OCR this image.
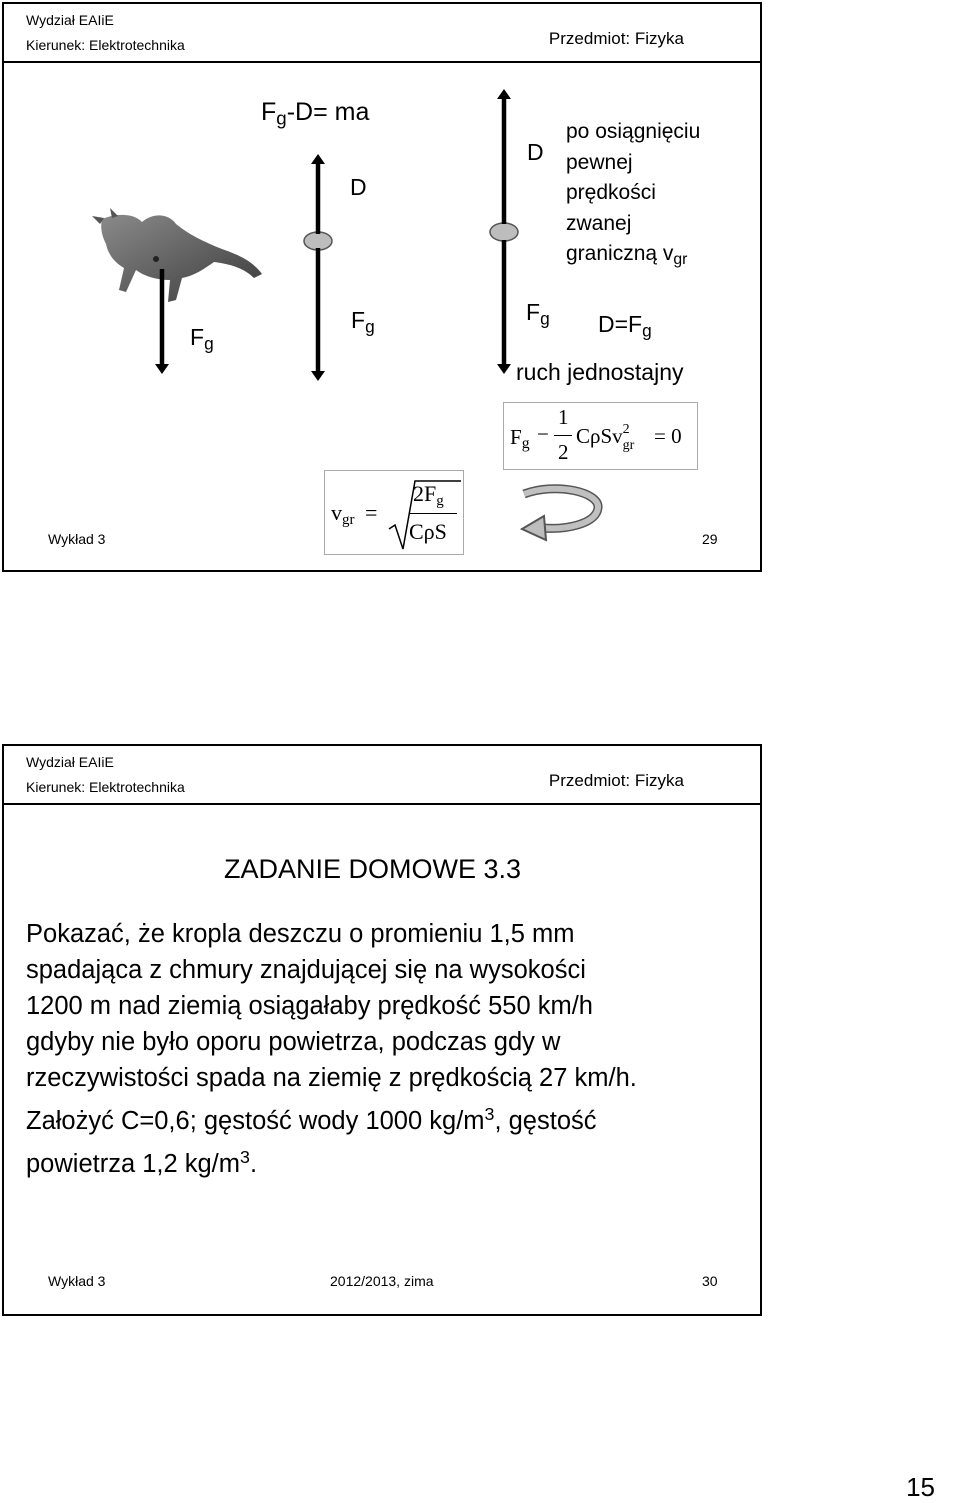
Wydział EAIiE
Kierunek: Elektrotechnika	Przedmiot: Fizyka
$F_g-D=$ ma
D
D
$F_g$
$F_g$
$F_g$
po osiągnięciu
pewnej
prędkości
zwanej
graniczną $v_{gr}$
$D=F_g$
ruch jednostajny
$F_g$ −
1
2
CρSv$^2_{gr}$ = 0
$v_{gr}$ =
$2F_g$
CρS
Wykład 3	29
Wydział EAIiE
Kierunek: Elektrotechnika	Przedmiot: Fizyka
ZADANIE DOMOWE 3.3

Pokazać, że kropla deszczu o promieniu 1,5 mm

spadająca z chmury znajdującej się na wysokości

1200 m nad ziemią osiągałaby prędkość 550 km/h

gdyby nie było oporu powietrza, podczas gdy w

rzeczywistości spada na ziemię z prędkością 27 km/h.

Założyć C=0,6; gęstość wody 1000 $kg/m^3$, gęstość

powietrza 1,2 $kg/m^3$.

Wykład 3	2012/2013, zima	30
15
